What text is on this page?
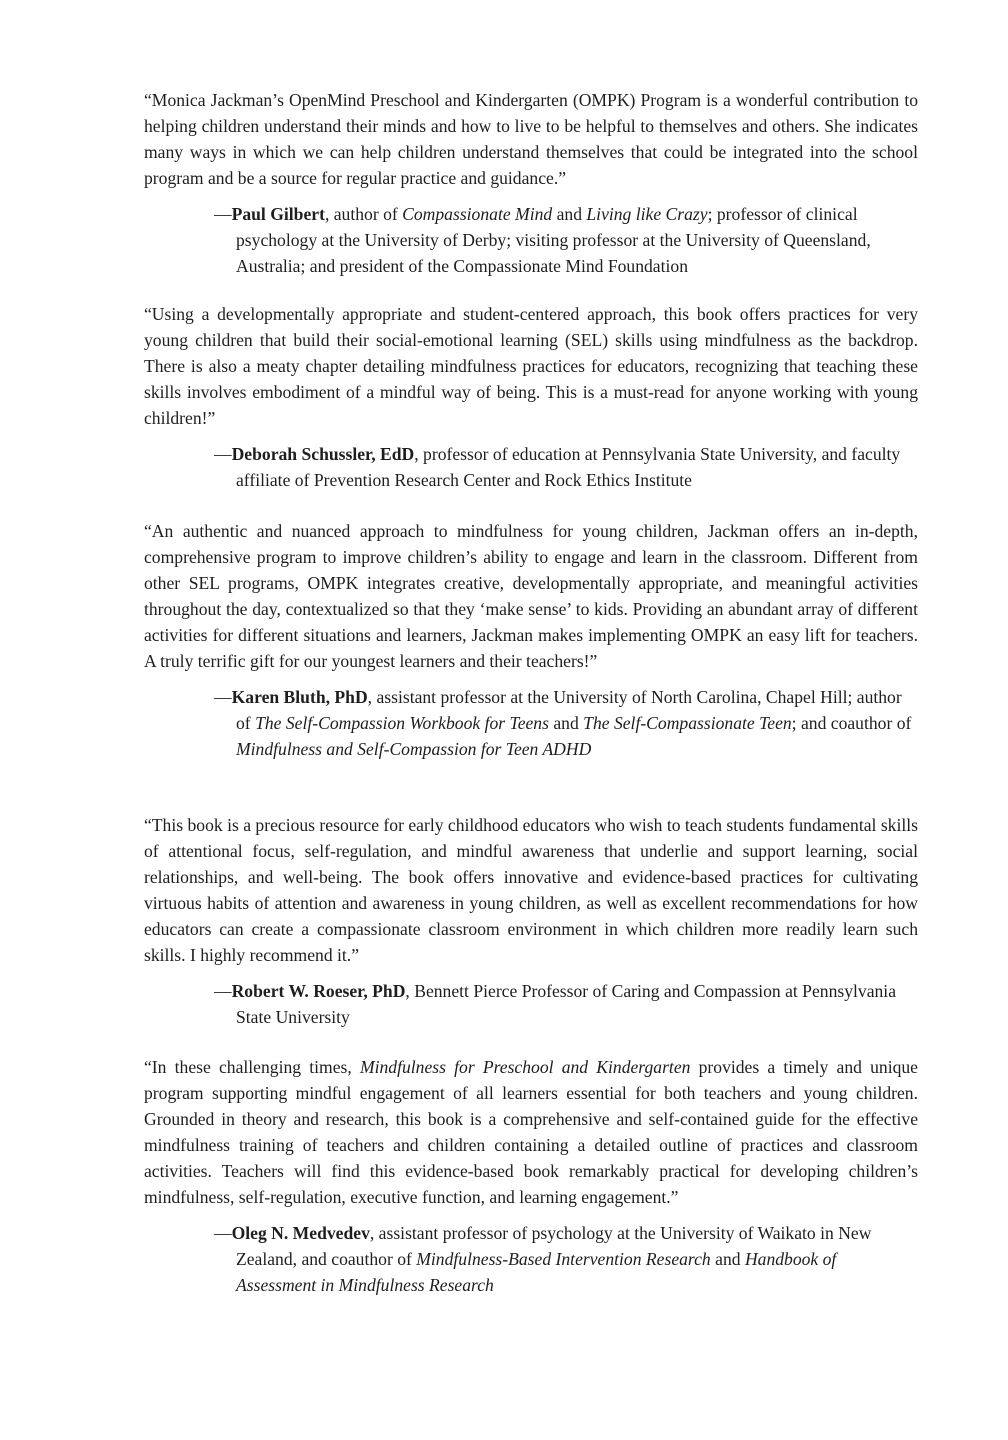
“Monica Jackman’s OpenMind Preschool and Kindergarten (OMPK) Program is a wonderful contribution to helping children understand their minds and how to live to be helpful to themselves and others. She indicates many ways in which we can help children understand themselves that could be integrated into the school program and be a source for regular practice and guidance.”

—Paul Gilbert, author of Compassionate Mind and Living like Crazy; professor of clinical psychology at the University of Derby; visiting professor at the University of Queensland, Australia; and president of the Compassionate Mind Foundation

“Using a developmentally appropriate and student-centered approach, this book offers practices for very young children that build their social-emotional learning (SEL) skills using mindfulness as the backdrop. There is also a meaty chapter detailing mindfulness practices for educators, recognizing that teaching these skills involves embodiment of a mindful way of being. This is a must-read for anyone working with young children!”

—Deborah Schussler, EdD, professor of education at Pennsylvania State University, and faculty affiliate of Prevention Research Center and Rock Ethics Institute

“An authentic and nuanced approach to mindfulness for young children, Jackman offers an in-depth, comprehensive program to improve children’s ability to engage and learn in the classroom. Different from other SEL programs, OMPK integrates creative, developmentally appropriate, and meaningful activities throughout the day, contextualized so that they ‘make sense’ to kids. Providing an abundant array of different activities for different situations and learners, Jackman makes implementing OMPK an easy lift for teachers. A truly terrific gift for our youngest learners and their teachers!”

—Karen Bluth, PhD, assistant professor at the University of North Carolina, Chapel Hill; author of The Self-Compassion Workbook for Teens and The Self-Compassionate Teen; and coauthor of Mindfulness and Self-Compassion for Teen ADHD

“This book is a precious resource for early childhood educators who wish to teach students fundamental skills of attentional focus, self-regulation, and mindful awareness that underlie and support learning, social relationships, and well-being. The book offers innovative and evidence-based practices for cultivating virtuous habits of attention and awareness in young children, as well as excellent recommendations for how educators can create a compassionate classroom environment in which children more readily learn such skills. I highly recommend it.”

—Robert W. Roeser, PhD, Bennett Pierce Professor of Caring and Compassion at Pennsylvania State University

“In these challenging times, Mindfulness for Preschool and Kindergarten provides a timely and unique program supporting mindful engagement of all learners essential for both teachers and young children. Grounded in theory and research, this book is a comprehensive and self-contained guide for the effective mindfulness training of teachers and children containing a detailed outline of practices and classroom activities. Teachers will find this evidence-based book remarkably practical for developing children’s mindfulness, self-regulation, executive function, and learning engagement.”

—Oleg N. Medvedev, assistant professor of psychology at the University of Waikato in New Zealand, and coauthor of Mindfulness-Based Intervention Research and Handbook of Assessment in Mindfulness Research
